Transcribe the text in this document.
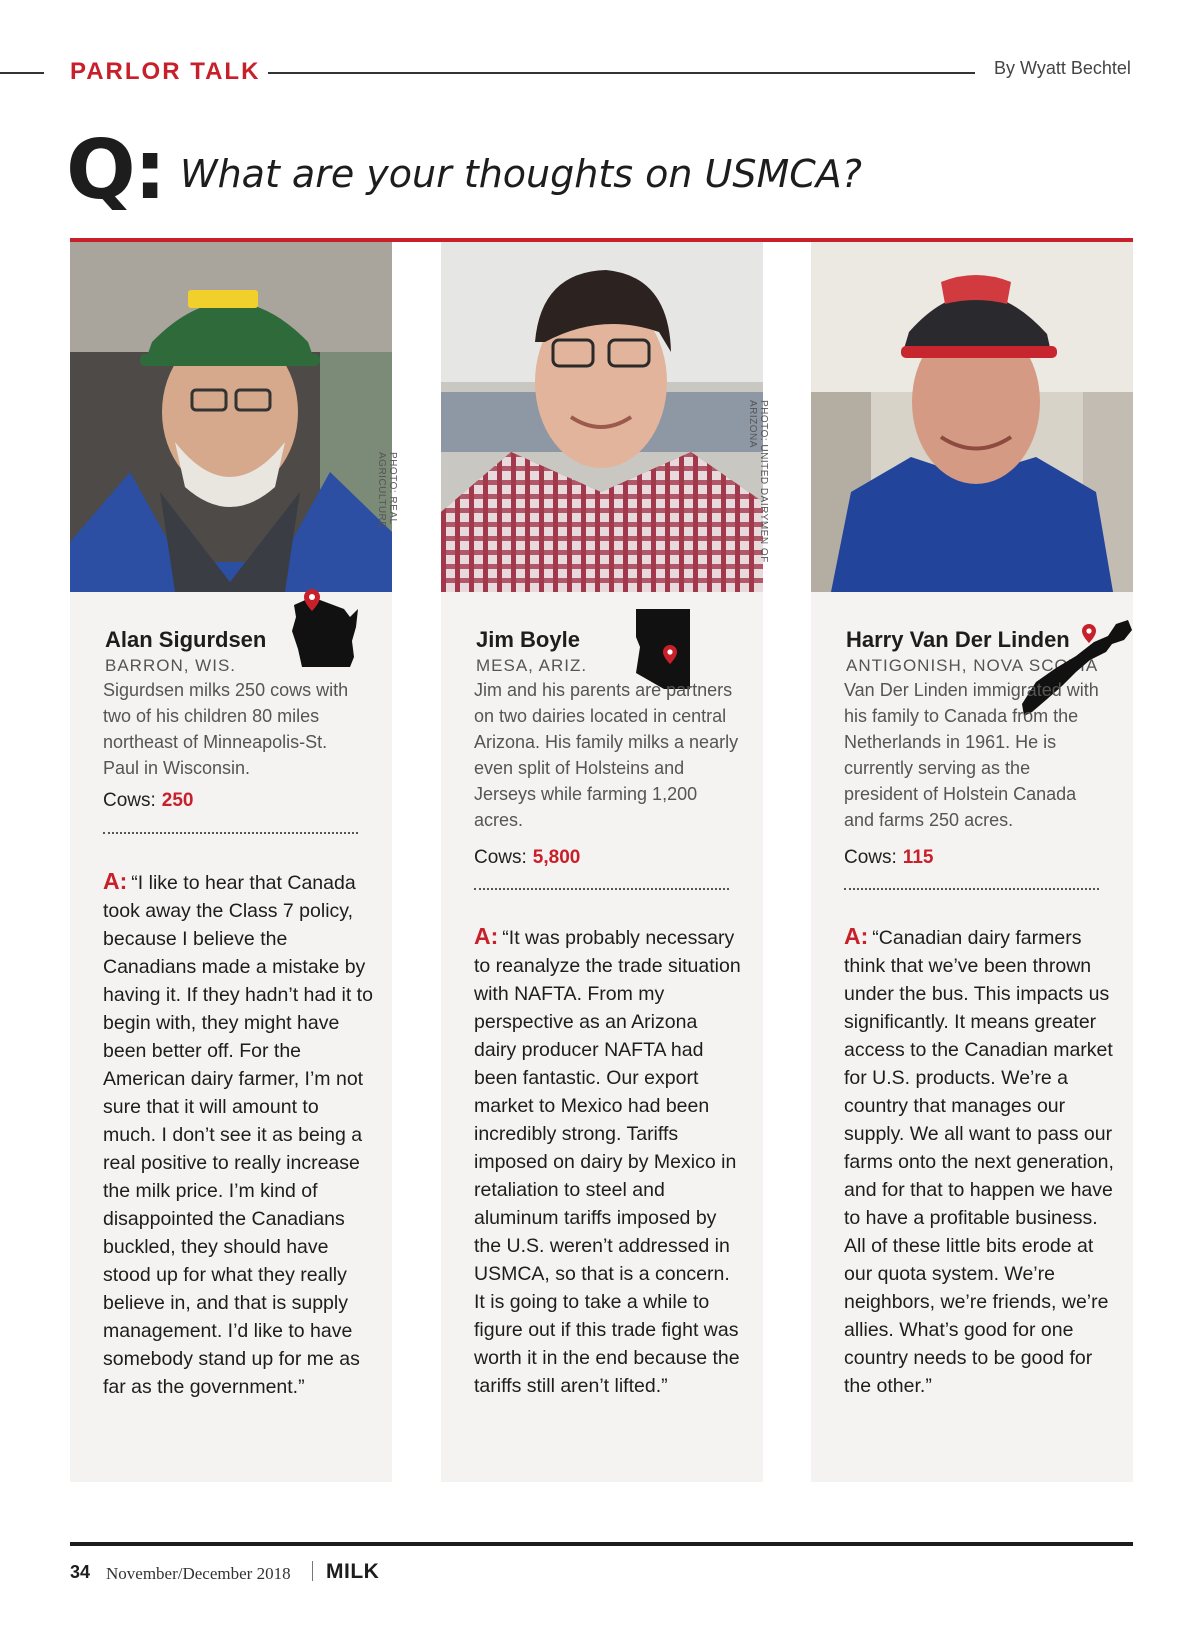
PARLOR TALK	By Wyatt Bechtel
Q: What are your thoughts on USMCA?
PHOTO: REAL AGRICULTURE
Alan Sigurdsen
BARRON, WIS.
Sigurdsen milks 250 cows with two of his children 80 miles northeast of Minneapolis-St. Paul in Wisconsin.
Cows: 250
A: “I like to hear that Canada took away the Class 7 policy, because I believe the Canadians made a mistake by having it. If they hadn’t had it to begin with, they might have been better off. For the American dairy farmer, I’m not sure that it will amount to much. I don’t see it as being a real positive to really increase the milk price. I’m kind of disappointed the Canadians buckled, they should have stood up for what they really believe in, and that is supply management. I’d like to have somebody stand up for me as far as the government.”
PHOTO: UNITED DAIRYMEN OF ARIZONA
Jim Boyle
MESA, ARIZ.
Jim and his parents are partners on two dairies located in central Arizona. His family milks a nearly even split of Holsteins and Jerseys while farming 1,200 acres.
Cows: 5,800
A: “It was probably necessary to reanalyze the trade situation with NAFTA. From my perspective as an Arizona dairy producer NAFTA had been fantastic. Our export market to Mexico had been incredibly strong. Tariffs imposed on dairy by Mexico in retaliation to steel and aluminum tariffs imposed by the U.S. weren’t addressed in USMCA, so that is a concern. It is going to take a while to figure out if this trade fight was worth it in the end because the tariffs still aren’t lifted.”
Harry Van Der Linden
ANTIGONISH, NOVA SCOTIA
Van Der Linden immigrated with his family to Canada from the Netherlands in 1961. He is currently serving as the president of Holstein Canada and farms 250 acres.
Cows: 115
A: “Canadian dairy farmers think that we’ve been thrown under the bus. This impacts us significantly. It means greater access to the Canadian market for U.S. products. We’re a country that manages our supply. We all want to pass our farms onto the next generation, and for that to happen we have to have a profitable business. All of these little bits erode at our quota system. We’re neighbors, we’re friends, we’re allies. What’s good for one country needs to be good for the other.”
34 November/December 2018 MILK
